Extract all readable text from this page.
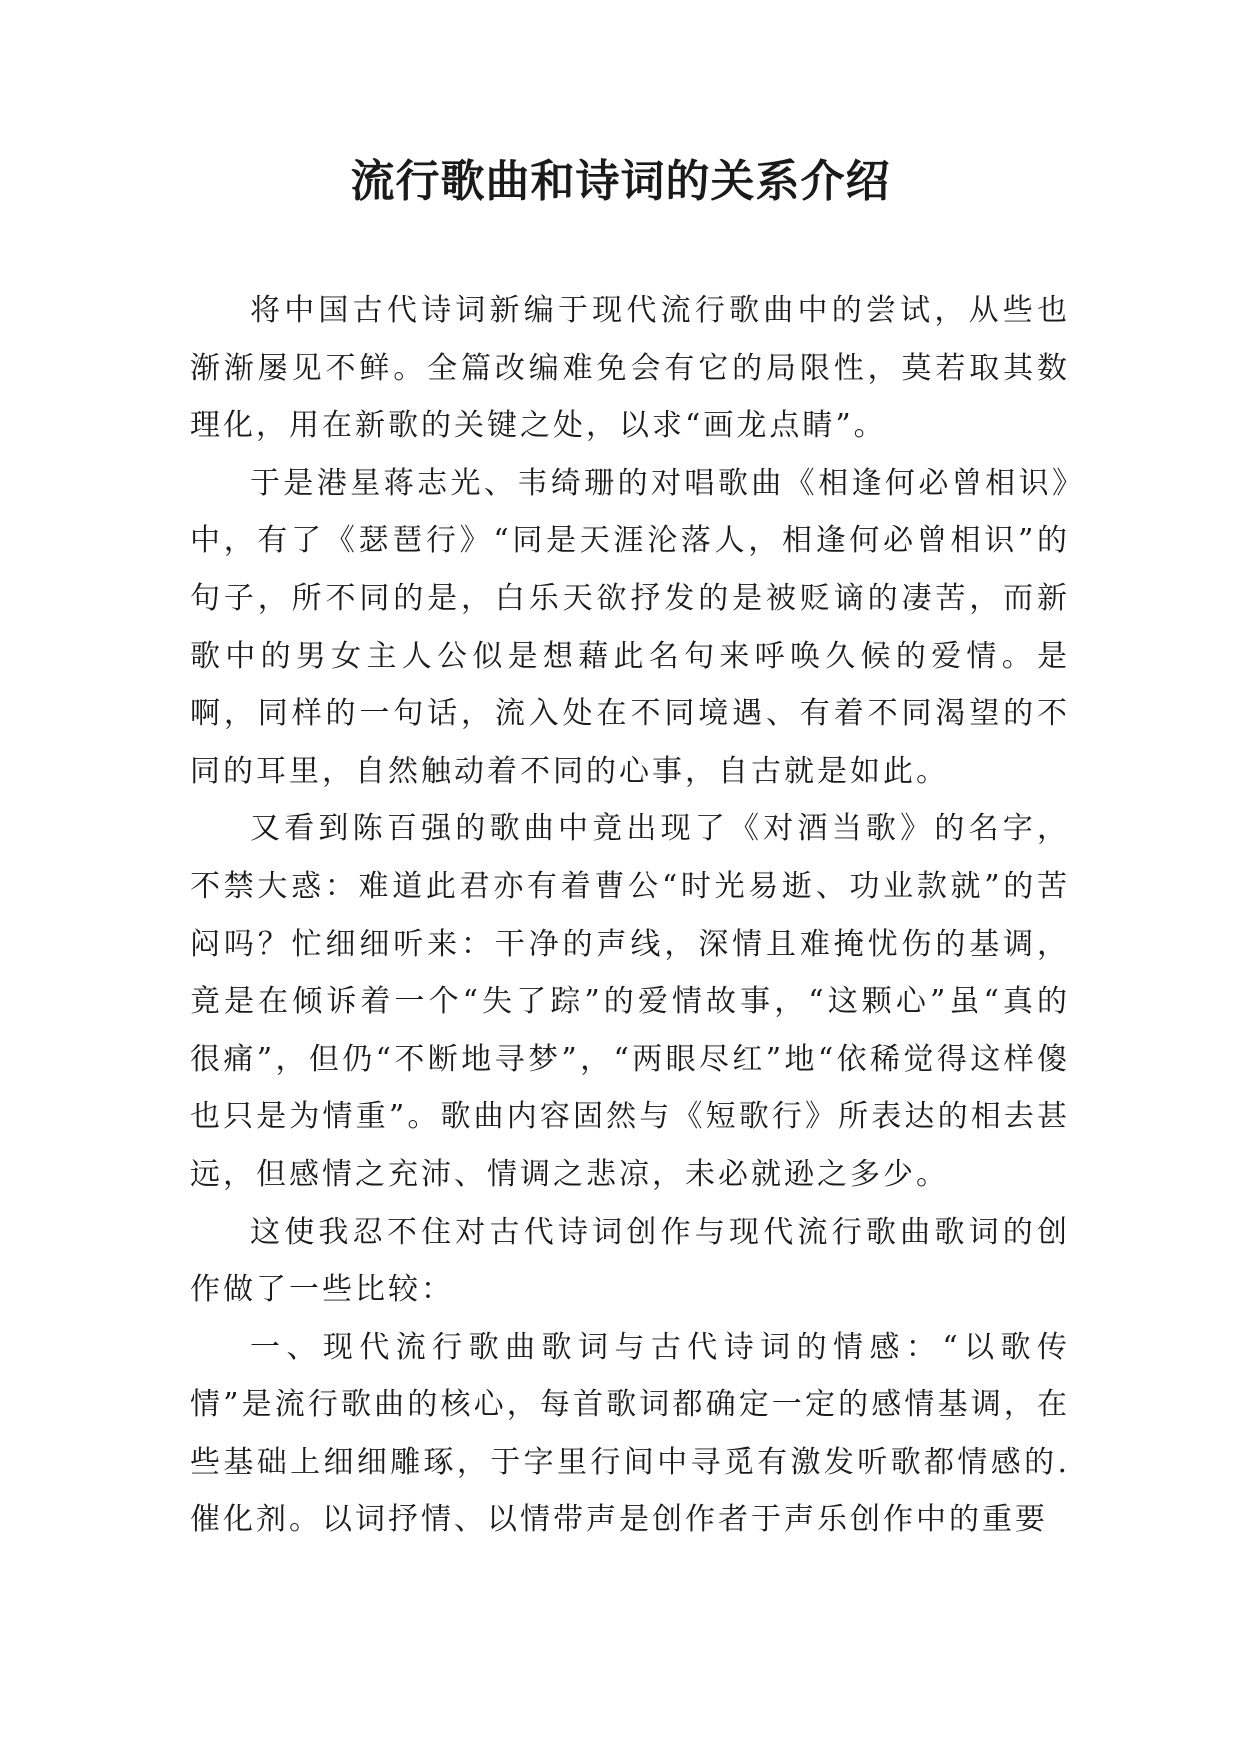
流行歌曲和诗词的关系介绍

将中国古代诗词新编于现代流行歌曲中的尝试，从些也渐渐屡见不鲜。全篇改编难免会有它的局限性，莫若取其数理化，用在新歌的关键之处，以求“画龙点睛”。

于是港星蒋志光、韦绮珊的对唱歌曲《相逢何必曾相识》中，有了《瑟琶行》“同是天涯沦落人，相逢何必曾相识”的句子，所不同的是，白乐天欲抒发的是被贬谪的凄苦，而新歌中的男女主人公似是想藉此名句来呼唤久候的爱情。是啊，同样的一句话，流入处在不同境遇、有着不同渴望的不同的耳里，自然触动着不同的心事，自古就是如此。

又看到陈百强的歌曲中竟出现了《对酒当歌》的名字，不禁大惑：难道此君亦有着曹公“时光易逝、功业款就”的苦闷吗？忙细细听来：干净的声线，深情且难掩忧伤的基调，竟是在倾诉着一个“失了踪”的爱情故事，“这颗心”虽“真的很痛”，但仍“不断地寻梦”，“两眼尽红”地“依稀觉得这样傻也只是为情重”。歌曲内容固然与《短歌行》所表达的相去甚远，但感情之充沛、情调之悲凉，未必就逊之多少。

这使我忍不住对古代诗词创作与现代流行歌曲歌词的创作做了一些比较：

一、现代流行歌曲歌词与古代诗词的情感：“以歌传情”是流行歌曲的核心，每首歌词都确定一定的感情基调，在些基础上细细雕琢，于字里行间中寻觅有激发听歌都情感的.催化剂。以词抒情、以情带声是创作者于声乐创作中的重要
